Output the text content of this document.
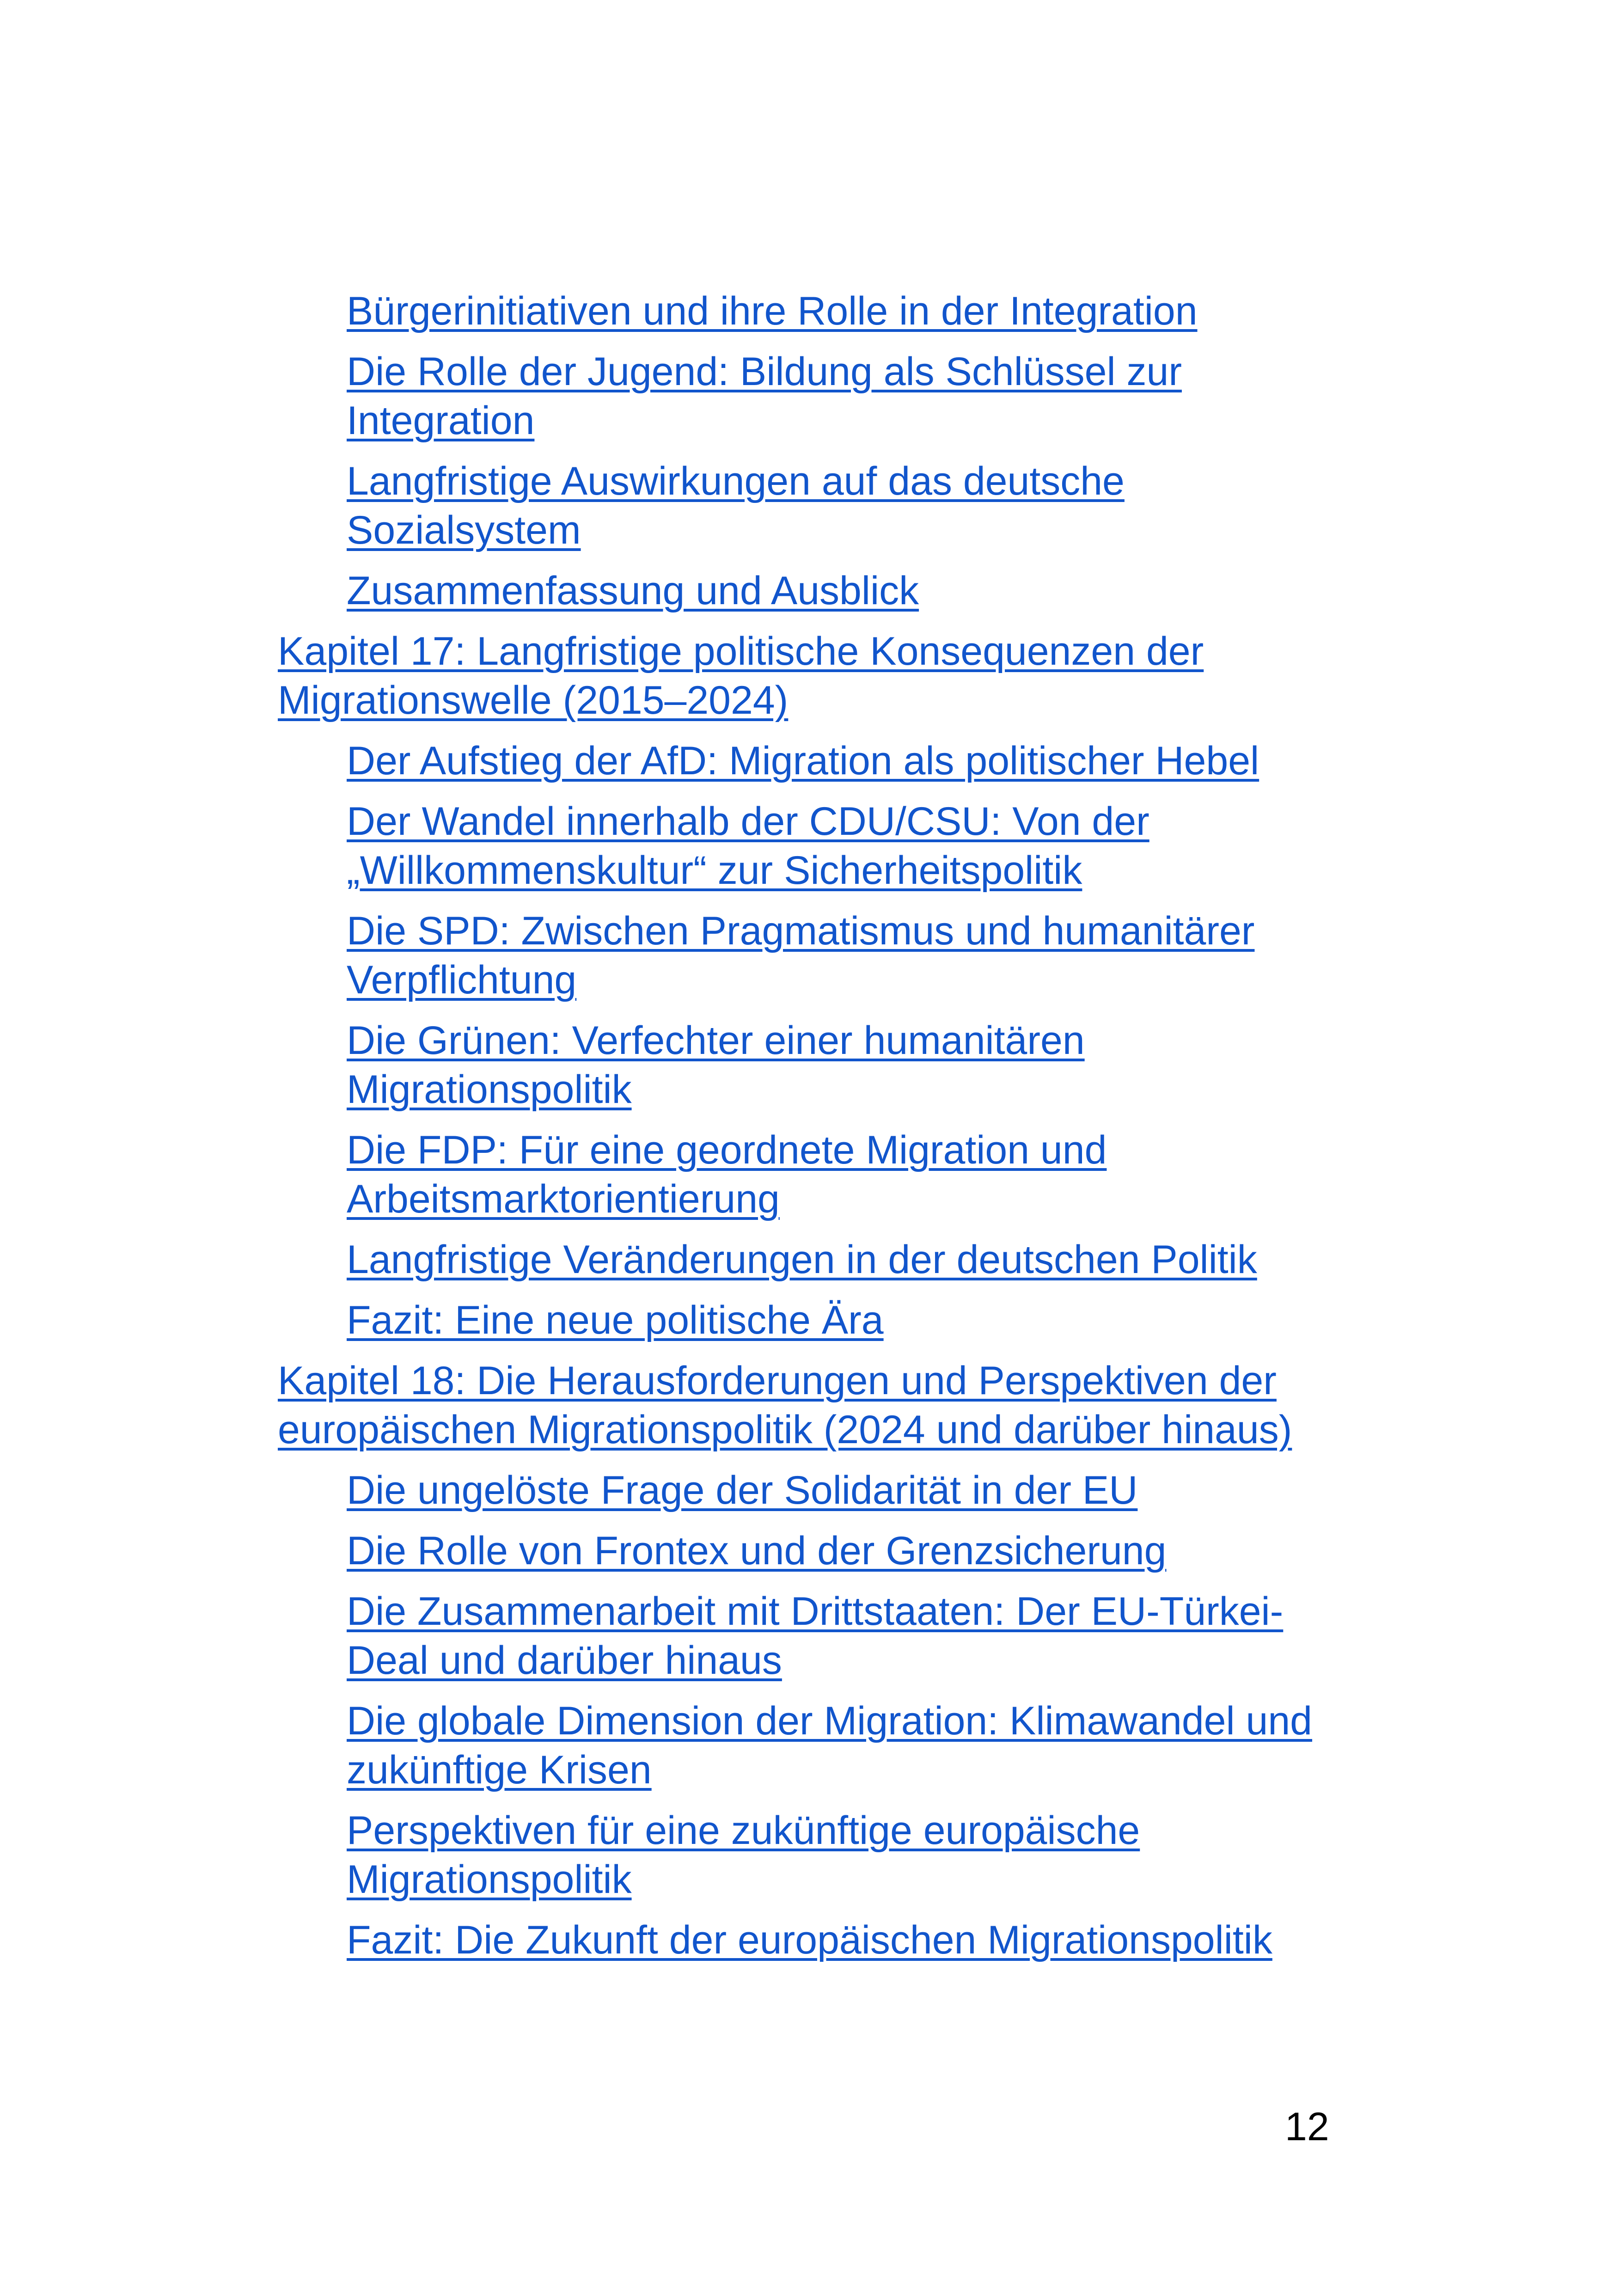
Bürgerinitiativen und ihre Rolle in der Integration
Die Rolle der Jugend: Bildung als Schlüssel zur Integration
Langfristige Auswirkungen auf das deutsche Sozialsystem
Zusammenfassung und Ausblick
Kapitel 17: Langfristige politische Konsequenzen der Migrationswelle (2015–2024)
Der Aufstieg der AfD: Migration als politischer Hebel
Der Wandel innerhalb der CDU/CSU: Von der „Willkommenskultur“ zur Sicherheitspolitik
Die SPD: Zwischen Pragmatismus und humanitärer Verpflichtung
Die Grünen: Verfechter einer humanitären Migrationspolitik
Die FDP: Für eine geordnete Migration und Arbeitsmarktorientierung
Langfristige Veränderungen in der deutschen Politik
Fazit: Eine neue politische Ära
Kapitel 18: Die Herausforderungen und Perspektiven der europäischen Migrationspolitik (2024 und darüber hinaus)
Die ungelöste Frage der Solidarität in der EU
Die Rolle von Frontex und der Grenzsicherung
Die Zusammenarbeit mit Drittstaaten: Der EU-Türkei-Deal und darüber hinaus
Die globale Dimension der Migration: Klimawandel und zukünftige Krisen
Perspektiven für eine zukünftige europäische Migrationspolitik
Fazit: Die Zukunft der europäischen Migrationspolitik
12
